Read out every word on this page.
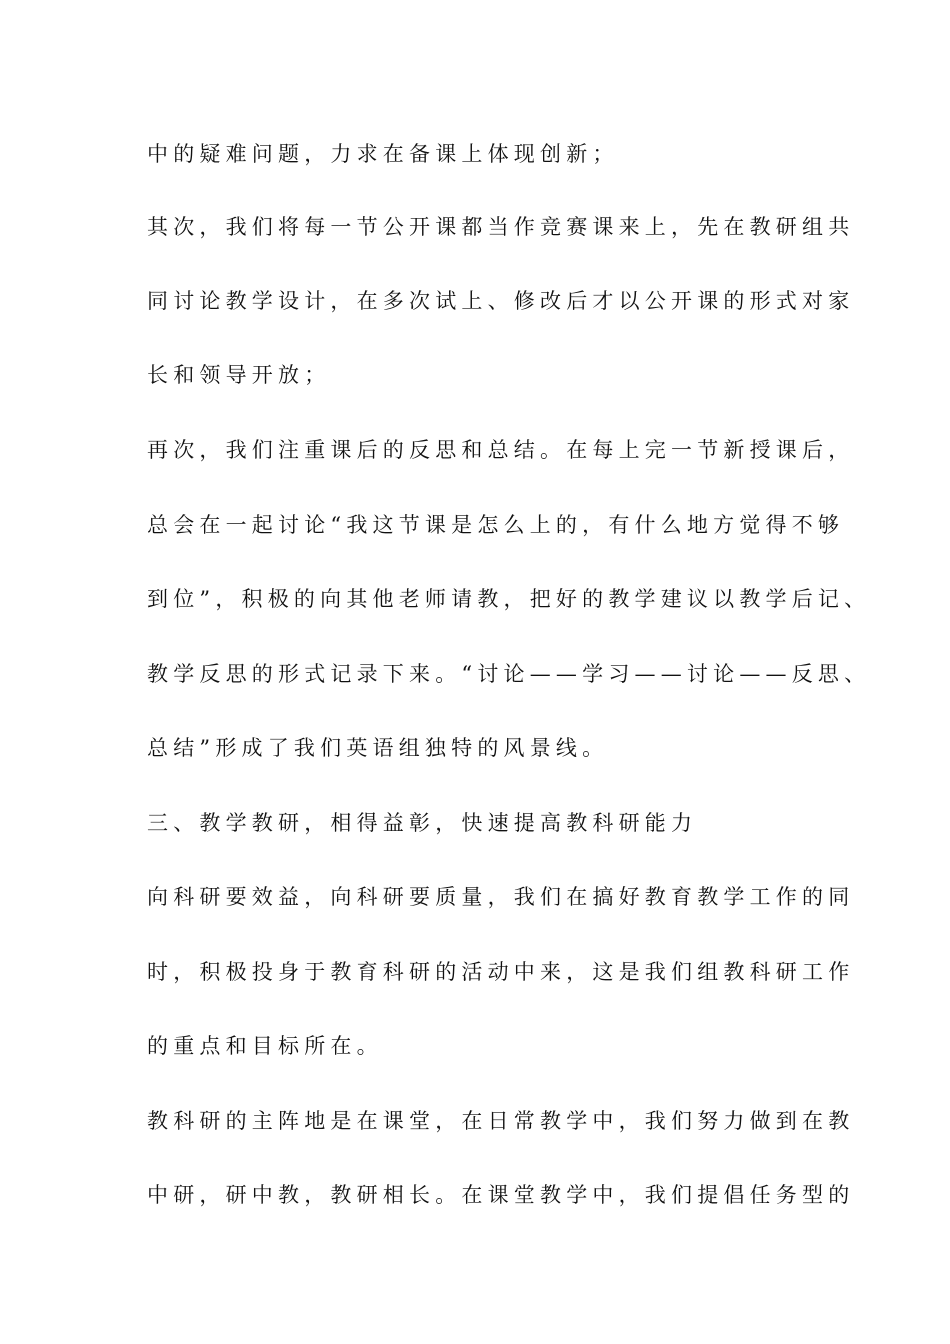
中的疑难问题，力求在备课上体现创新；
其次，我们将每一节公开课都当作竞赛课来上，先在教研组共
同讨论教学设计，在多次试上、修改后才以公开课的形式对家
长和领导开放；
再次，我们注重课后的反思和总结。在每上完一节新授课后，
总会在一起讨论“我这节课是怎么上的，有什么地方觉得不够
到位”，积极的向其他老师请教，把好的教学建议以教学后记、
教学反思的形式记录下来。“讨论——学习——讨论——反思、
总结”形成了我们英语组独特的风景线。
三、教学教研，相得益彰，快速提高教科研能力
向科研要效益，向科研要质量，我们在搞好教育教学工作的同
时，积极投身于教育科研的活动中来，这是我们组教科研工作
的重点和目标所在。
教科研的主阵地是在课堂，在日常教学中，我们努力做到在教
中研，研中教，教研相长。在课堂教学中，我们提倡任务型的
